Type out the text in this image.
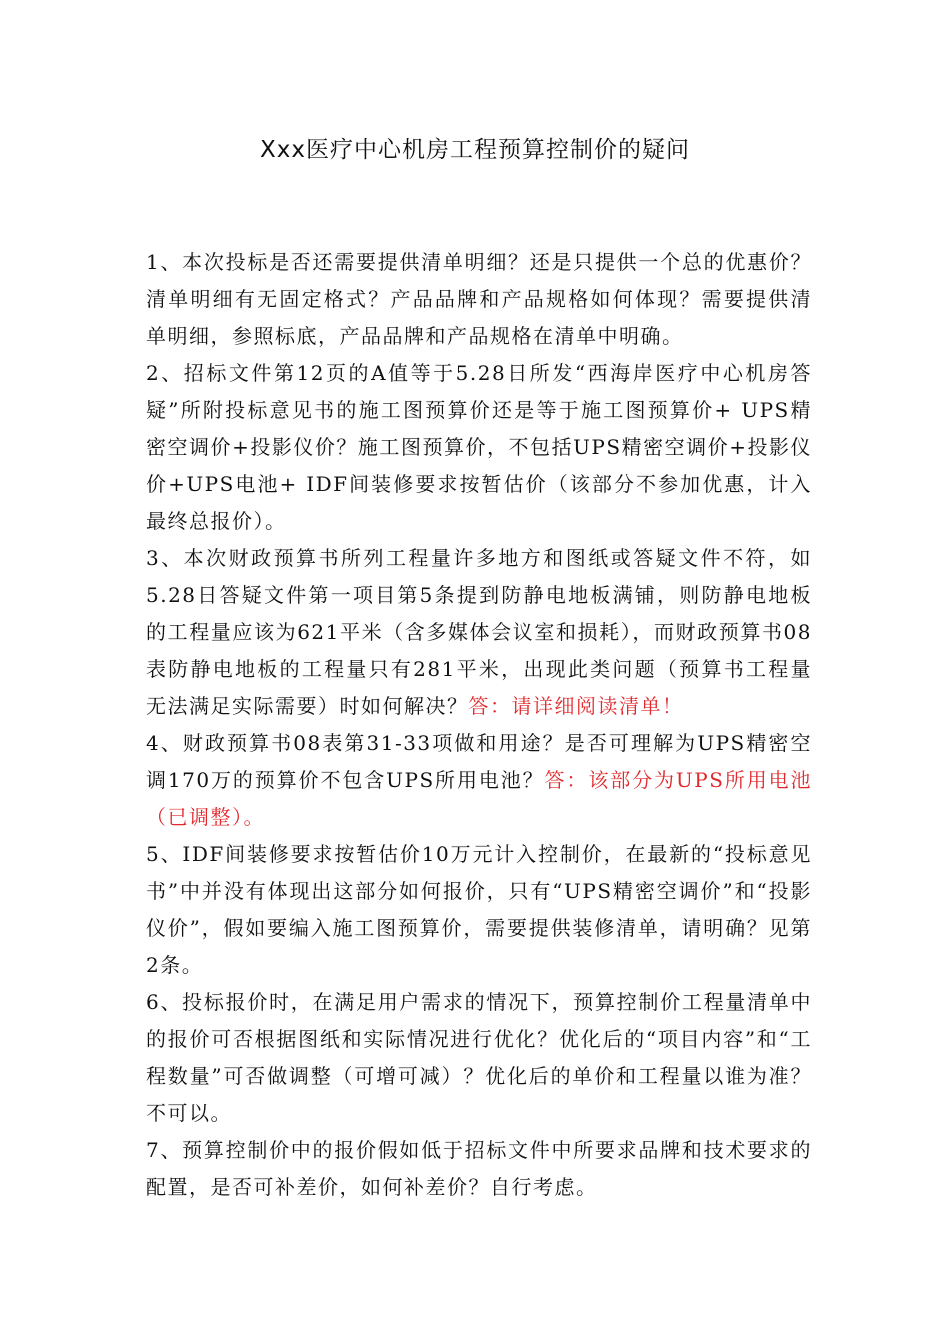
Xxx医疗中心机房工程预算控制价的疑问

1、本次投标是否还需要提供清单明细？还是只提供一个总的优惠价？清单明细有无固定格式？产品品牌和产品规格如何体现？需要提供清单明细，参照标底，产品品牌和产品规格在清单中明确。

2、招标文件第12页的A值等于5.28日所发“西海岸医疗中心机房答疑”所附投标意见书的施工图预算价还是等于施工图预算价+ UPS精密空调价+投影仪价？施工图预算价，不包括UPS精密空调价+投影仪价+UPS电池+ IDF间装修要求按暂估价（该部分不参加优惠，计入最终总报价）。

3、本次财政预算书所列工程量许多地方和图纸或答疑文件不符，如5.28日答疑文件第一项目第5条提到防静电地板满铺，则防静电地板的工程量应该为621平米（含多媒体会议室和损耗），而财政预算书08表防静电地板的工程量只有281平米，出现此类问题（预算书工程量无法满足实际需要）时如何解决？答：请详细阅读清单！

4、财政预算书08表第31-33项做和用途？是否可理解为UPS精密空调170万的预算价不包含UPS所用电池？答：该部分为UPS所用电池（已调整）。

5、IDF间装修要求按暂估价10万元计入控制价，在最新的“投标意见书”中并没有体现出这部分如何报价，只有“UPS精密空调价”和“投影仪价”，假如要编入施工图预算价，需要提供装修清单，请明确？见第2条。

6、投标报价时，在满足用户需求的情况下，预算控制价工程量清单中的报价可否根据图纸和实际情况进行优化？优化后的“项目内容”和“工程数量”可否做调整（可增可减）？优化后的单价和工程量以谁为准？不可以。

7、预算控制价中的报价假如低于招标文件中所要求品牌和技术要求的配置，是否可补差价，如何补差价？自行考虑。
